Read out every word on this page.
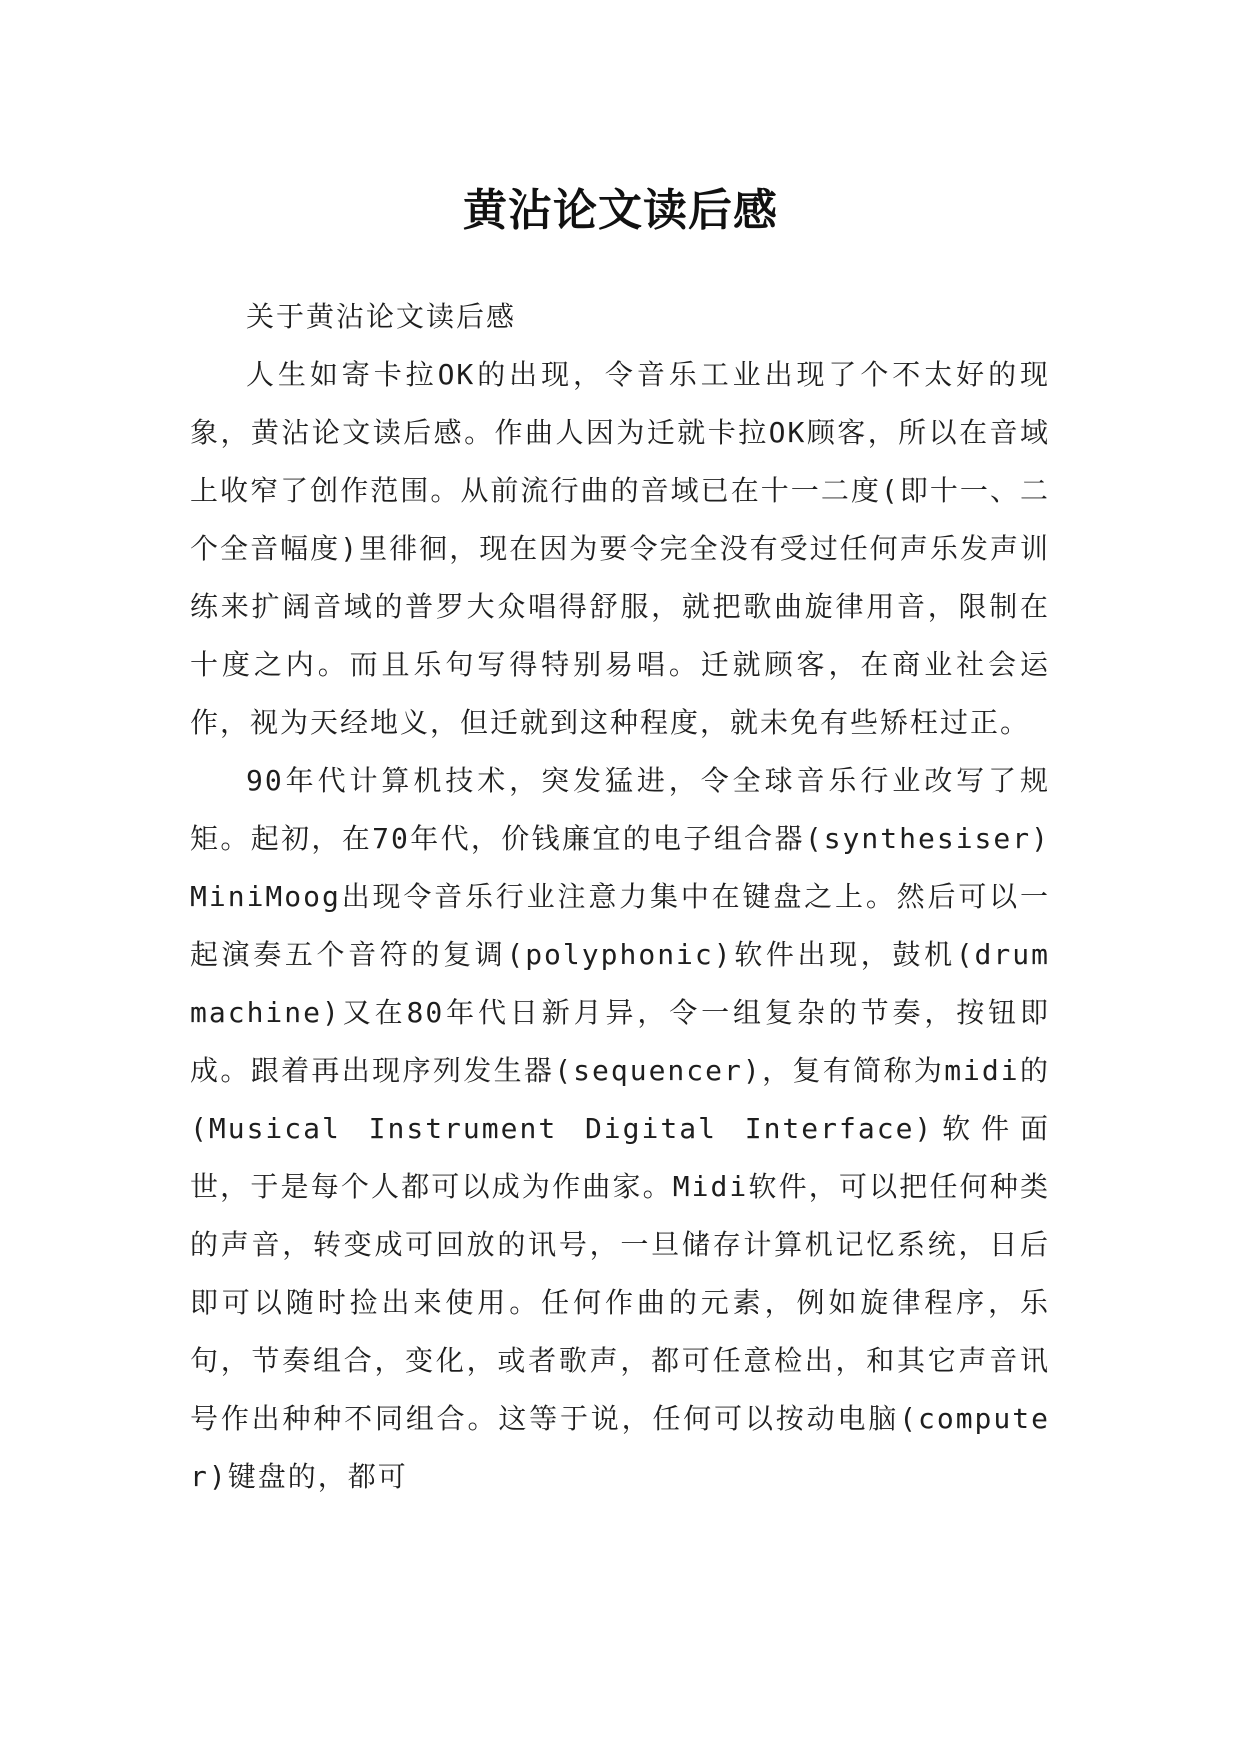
黄沾论文读后感

关于黄沾论文读后感

人生如寄卡拉OK的出现，令音乐工业出现了个不太好的现象，黄沾论文读后感。作曲人因为迁就卡拉OK顾客，所以在音域上收窄了创作范围。从前流行曲的音域已在十一二度(即十一、二个全音幅度)里徘徊，现在因为要令完全没有受过任何声乐发声训练来扩阔音域的普罗大众唱得舒服，就把歌曲旋律用音，限制在十度之内。而且乐句写得特别易唱。迁就顾客，在商业社会运作，视为天经地义，但迁就到这种程度，就未免有些矫枉过正。

90年代计算机技术，突发猛进，令全球音乐行业改写了规矩。起初，在70年代，价钱廉宜的电子组合器(synthesiser)MiniMoog出现令音乐行业注意力集中在键盘之上。然后可以一起演奏五个音符的复调(polyphonic)软件出现，鼓机(drum machine)又在80年代日新月异，令一组复杂的节奏，按钮即成。跟着再出现序列发生器(sequencer)，复有简称为midi的(Musical Instrument Digital Interface)软件面世，于是每个人都可以成为作曲家。Midi软件，可以把任何种类的声音，转变成可回放的讯号，一旦储存计算机记忆系统，日后即可以随时捡出来使用。任何作曲的元素，例如旋律程序，乐句，节奏组合，变化，或者歌声，都可任意检出，和其它声音讯号作出种种不同组合。这等于说，任何可以按动电脑(computer)键盘的，都可
